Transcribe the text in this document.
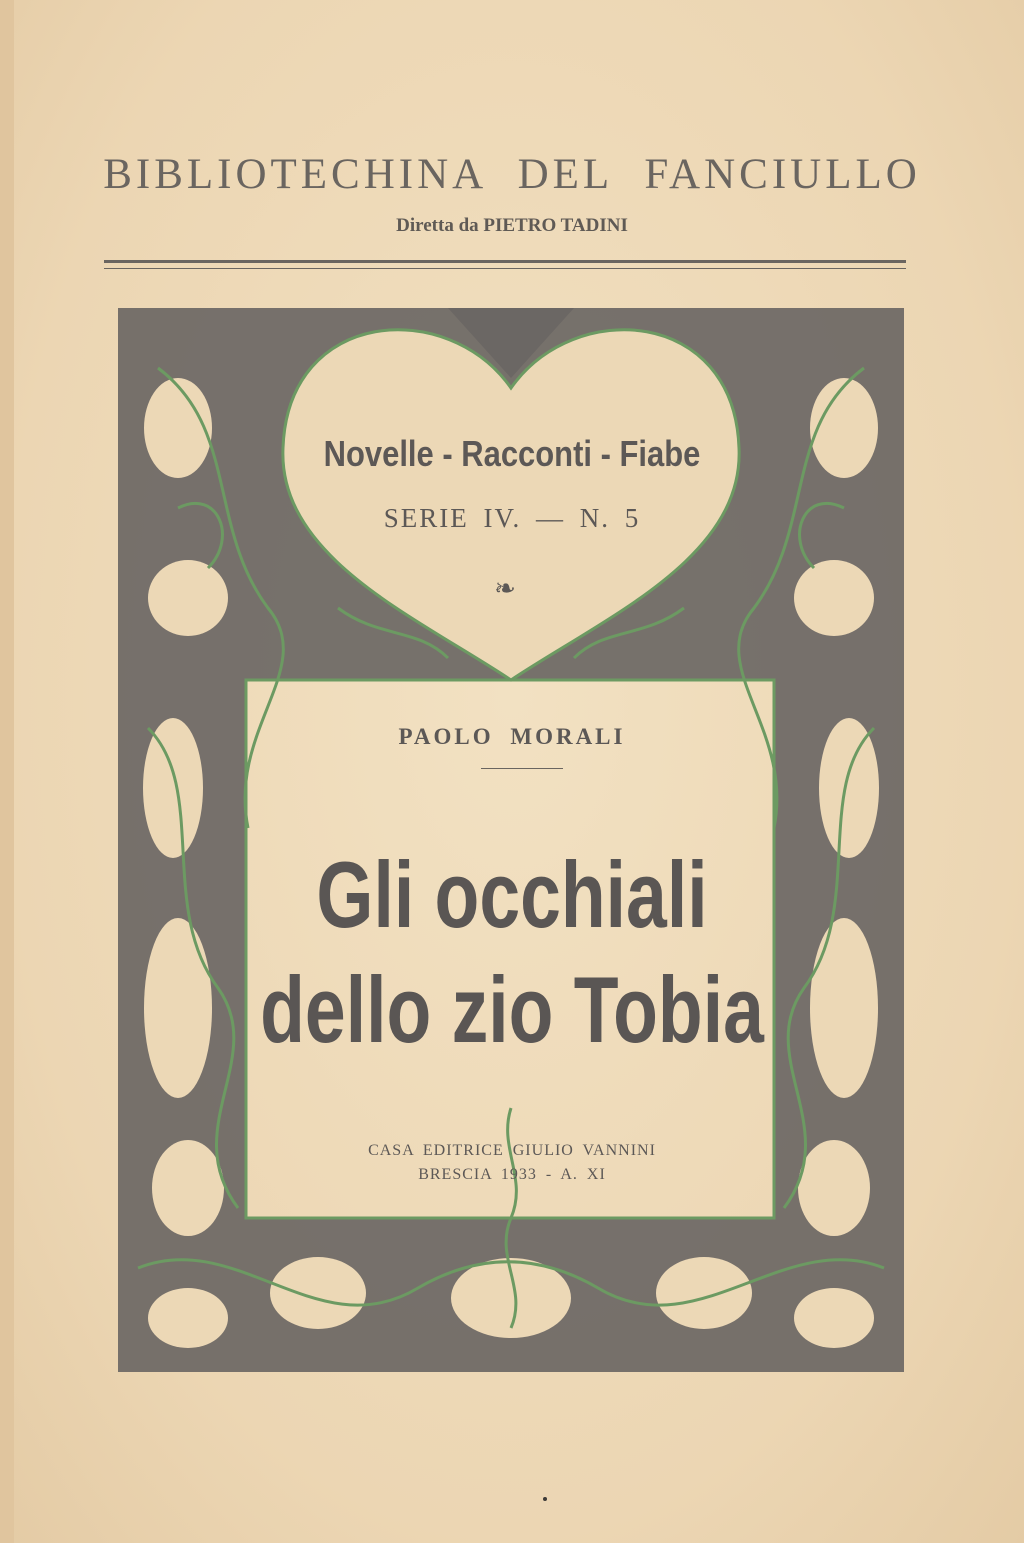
BIBLIOTECHINA DEL FANCIULLO
Diretta da PIETRO TADINI
Novelle - Racconti - Fiabe
SERIE IV. — N. 5
❧
PAOLO MORALI
Gli occhiali
dello zio Tobia
CASA EDITRICE GIULIO VANNINI
BRESCIA 1933 - A. XI
